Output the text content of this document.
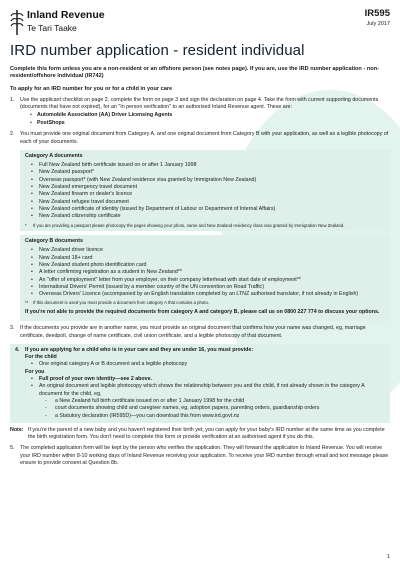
Inland Revenue
Te Tari Taake
IR595
July 2017
IRD number application - resident individual

Complete this form unless you are a non-resident or an offshore person (see notes page). If you are, use the IRD number application - non-resident/offshore individual (IR742)

To apply for an IRD number for you or for a child in your care

1.	Use the applicant checklist on page 2, complete the form on page 3 and sign the declaration on page 4. Take the form with current supporting documents (documents that have not expired), for an "In person verification" to an authorised Inland Revenue agent. These are:
• Automobile Association (AA) Driver Licensing Agents
• PostShops
2.	You must provide one original document from Category A, and one original document from Category B with your application, as well as a legible photocopy of each of your documents.
Category A documents
•	Full New Zealand birth certificate issued on or after 1 January 1998
•	New Zealand passport*
•	Overseas passport* (with New Zealand residence visa granted by Immigration New Zealand)
•	New Zealand emergency travel document
•	New Zealand firearm or dealer's licence
•	New Zealand refugee travel document
•	New Zealand certificate of identity (issued by Department of Labour or Department of Internal Affairs)
•	New Zealand citizenship certificate
*	If you are providing a passport please photocopy the pages showing your photo, name and New Zealand residency class visa granted by Immigration New Zealand.
Category B documents
•	New Zealand driver licence
•	New Zealand 18+ card
•	New Zealand student photo identification card
•	A letter confirming registration as a student in New Zealand**
•	An "offer of employment" letter from your employer, on their company letterhead with start date of employment**
•	International Drivers' Permit (issued by a member country of the UN convention on Road Traffic)
•	Overseas Drivers' Licence (accompanied by an English translation completed by an LTNZ authorised translator, if not already in English)
**	If this document is used you must provide a document from category A that contains a photo.
If you're not able to provide the required documents from category A and category B, please call us on 0800 227 774 to discuss your options.
3.	If the documents you provide are in another name, you must provide an original document that confirms how your name was changed, eg, marriage certificate, deedpoll, change of name certificate, civil union certificate, and a legible photocopy of that document.
4.	If you are applying for a child who is in your care and they are under 16, you must provide:
For the child
•	One original category A or B document and a legible photocopy
For you
•	Full proof of your own identity—see 2 above.
•	An original document and legible photocopy which shows the relationship between you and the child, if not already shown in the category A document for the child, eg,
-	a New Zealand full birth certificate issued on or after 1 January 1998 for the child
-	court documents showing child and caregiver names, eg, adoption papers, parenting orders, guardianship orders
-	a Statutory declaration (IR595D)—you can download this from www.ird.govt.nz
Note: If you're the parent of a new baby and you haven't registered their birth yet, you can apply for your baby's IRD number at the same time as you complete the birth registration form. You don't need to complete this form or provide verification at an authorised agent if you do this.
5.	The completed application form will be kept by the person who verifies the application. They will forward the application to Inland Revenue. You will receive your IRD number within 8-10 working days of Inland Revenue receiving your application. To receive your IRD number through email and text message please ensure to provide consent at Question 8b.
1
